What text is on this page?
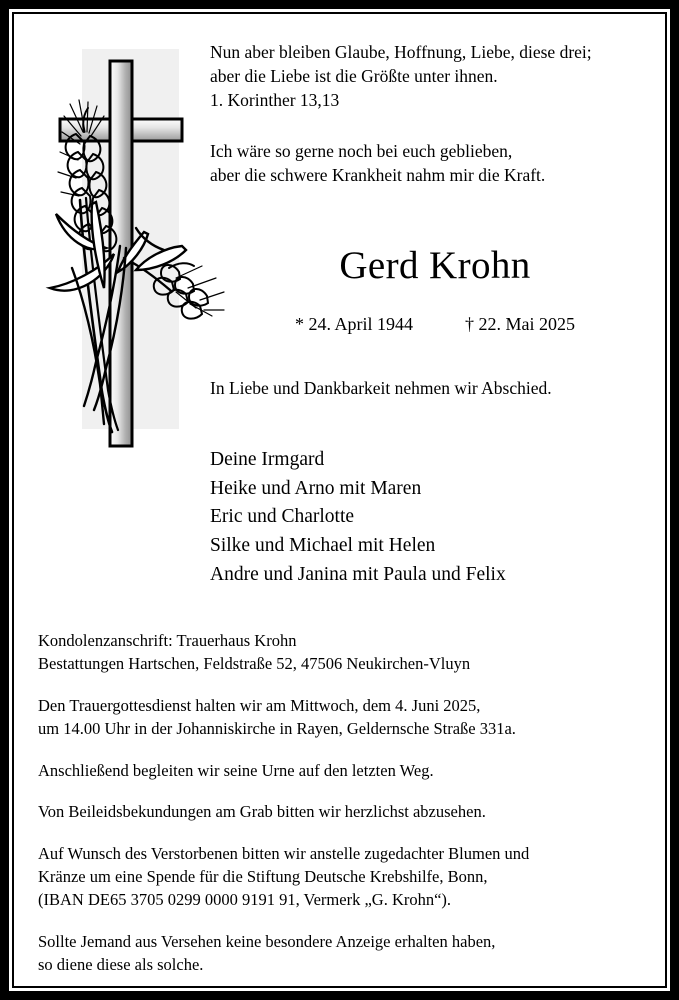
Nun aber bleiben Glaube, Hoffnung, Liebe, diese drei;
aber die Liebe ist die Größte unter ihnen.
1. Korinther 13,13
Ich wäre so gerne noch bei euch geblieben,
aber die schwere Krankheit nahm mir die Kraft.
Gerd Krohn
* 24. April 1944	† 22. Mai 2025
In Liebe und Dankbarkeit nehmen wir Abschied.
Deine Irmgard
Heike und Arno mit Maren
Eric und Charlotte
Silke und Michael mit Helen
Andre und Janina mit Paula und Felix

Kondolenzanschrift: Trauerhaus Krohn
Bestattungen Hartschen, Feldstraße 52, 47506 Neukirchen-Vluyn

Den Trauergottesdienst halten wir am Mittwoch, dem 4. Juni 2025,
um 14.00 Uhr in der Johanniskirche in Rayen, Geldernsche Straße 331a.

Anschließend begleiten wir seine Urne auf den letzten Weg.

Von Beileidsbekundungen am Grab bitten wir herzlichst abzusehen.

Auf Wunsch des Verstorbenen bitten wir anstelle zugedachter Blumen und
Kränze um eine Spende für die Stiftung Deutsche Krebshilfe, Bonn,
(IBAN DE65 3705 0299 0000 9191 91, Vermerk „G. Krohn“).

Sollte Jemand aus Versehen keine besondere Anzeige erhalten haben,
so diene diese als solche.
